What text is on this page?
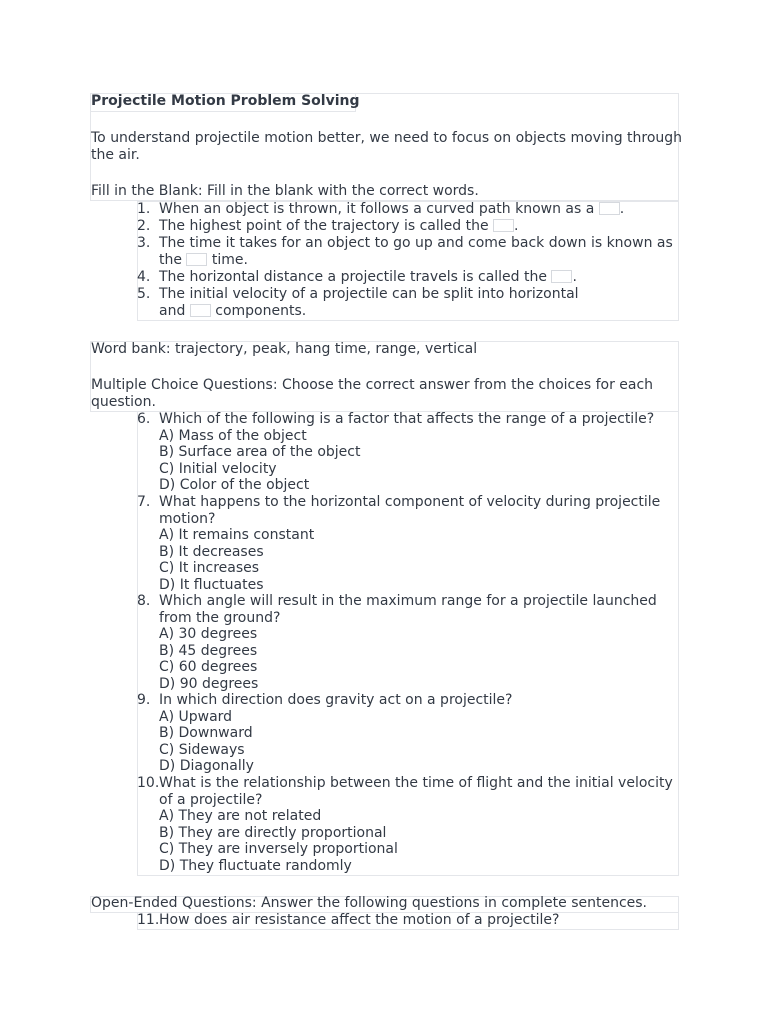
Projectile Motion Problem Solving
To understand projectile motion better, we need to focus on objects moving through
the air.
Fill in the Blank: Fill in the blank with the correct words.
1. When an object is thrown, it follows a curved path known as a .
2. The highest point of the trajectory is called the .
3. The time it takes for an object to go up and come back down is known as
the  time.
4. The horizontal distance a projectile travels is called the .
5. The initial velocity of a projectile can be split into horizontal
and  components.
Word bank: trajectory, peak, hang time, range, vertical
Multiple Choice Questions: Choose the correct answer from the choices for each
question.
6. Which of the following is a factor that affects the range of a projectile?
A) Mass of the object
B) Surface area of the object
C) Initial velocity
D) Color of the object
7. What happens to the horizontal component of velocity during projectile
motion?
A) It remains constant
B) It decreases
C) It increases
D) It fluctuates
8. Which angle will result in the maximum range for a projectile launched
from the ground?
A) 30 degrees
B) 45 degrees
C) 60 degrees
D) 90 degrees
9. In which direction does gravity act on a projectile?
A) Upward
B) Downward
C) Sideways
D) Diagonally
10. What is the relationship between the time of flight and the initial velocity
of a projectile?
A) They are not related
B) They are directly proportional
C) They are inversely proportional
D) They fluctuate randomly
Open-Ended Questions: Answer the following questions in complete sentences.
11. How does air resistance affect the motion of a projectile?
